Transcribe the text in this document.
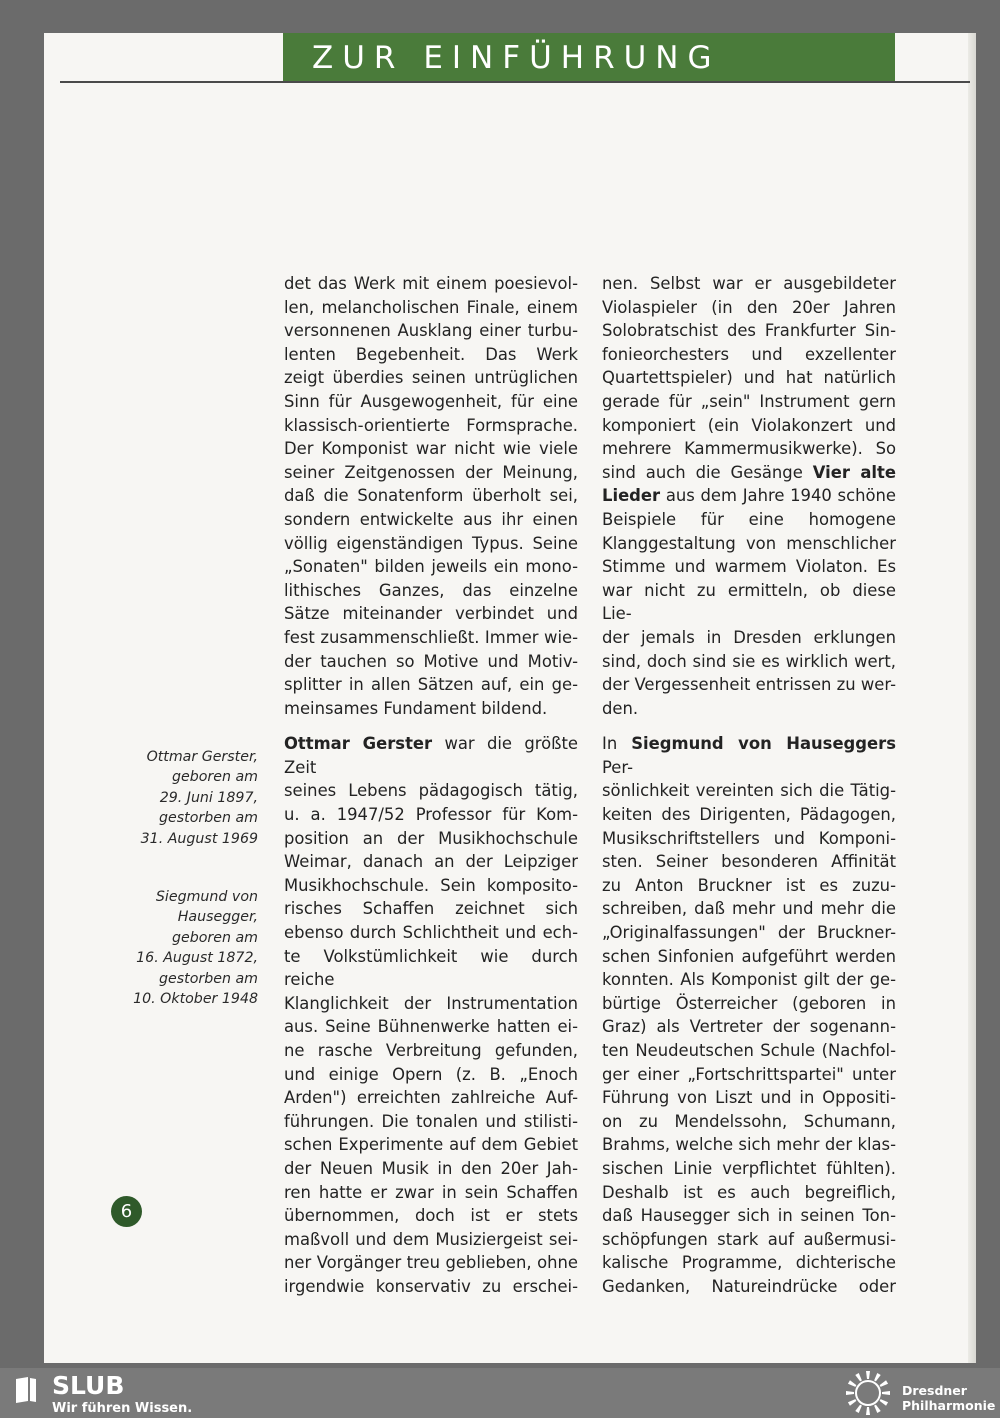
ZUR EINFÜHRUNG

det das Werk mit einem poesievol-

len, melancholischen Finale, einem

versonnenen Ausklang einer turbu-

lenten Begebenheit. Das Werk

zeigt überdies seinen untrüglichen

Sinn für Ausgewogenheit, für eine

klassisch-orientierte Formsprache.

Der Komponist war nicht wie viele

seiner Zeitgenossen der Meinung,

daß die Sonatenform überholt sei,

sondern entwickelte aus ihr einen

völlig eigenständigen Typus. Seine

„Sonaten" bilden jeweils ein mono-

lithisches Ganzes, das einzelne

Sätze miteinander verbindet und

fest zusammenschließt. Immer wie-

der tauchen so Motive und Motiv-

splitter in allen Sätzen auf, ein ge-

meinsames Fundament bildend.

Ottmar Gerster war die größte Zeit

seines Lebens pädagogisch tätig,

u. a. 1947/52 Professor für Kom-

position an der Musikhochschule

Weimar, danach an der Leipziger

Musikhochschule. Sein komposito-

risches Schaffen zeichnet sich

ebenso durch Schlichtheit und ech-

te Volkstümlichkeit wie durch reiche

Klanglichkeit der Instrumentation

aus. Seine Bühnenwerke hatten ei-

ne rasche Verbreitung gefunden,

und einige Opern (z. B. „Enoch

Arden") erreichten zahlreiche Auf-

führungen. Die tonalen und stilisti-

schen Experimente auf dem Gebiet

der Neuen Musik in den 20er Jah-

ren hatte er zwar in sein Schaffen

übernommen, doch ist er stets

maßvoll und dem Musiziergeist sei-

ner Vorgänger treu geblieben, ohne

irgendwie konservativ zu erschei-

nen. Selbst war er ausgebildeter

Violaspieler (in den 20er Jahren

Solobratschist des Frankfurter Sin-

fonieorchesters und exzellenter

Quartettspieler) und hat natürlich

gerade für „sein" Instrument gern

komponiert (ein Violakonzert und

mehrere Kammermusikwerke). So

sind auch die Gesänge Vier alte

Lieder aus dem Jahre 1940 schöne

Beispiele für eine homogene

Klanggestaltung von menschlicher

Stimme und warmem Violaton. Es

war nicht zu ermitteln, ob diese Lie-

der jemals in Dresden erklungen

sind, doch sind sie es wirklich wert,

der Vergessenheit entrissen zu wer-

den.

In Siegmund von Hauseggers Per-

sönlichkeit vereinten sich die Tätig-

keiten des Dirigenten, Pädagogen,

Musikschriftstellers und Komponi-

sten. Seiner besonderen Affinität

zu Anton Bruckner ist es zuzu-

schreiben, daß mehr und mehr die

„Originalfassungen" der Bruckner-

schen Sinfonien aufgeführt werden

konnten. Als Komponist gilt der ge-

bürtige Österreicher (geboren in

Graz) als Vertreter der sogenann-

ten Neudeutschen Schule (Nachfol-

ger einer „Fortschrittspartei" unter

Führung von Liszt und in Oppositi-

on zu Mendelssohn, Schumann,

Brahms, welche sich mehr der klas-

sischen Linie verpflichtet fühlten).

Deshalb ist es auch begreiflich,

daß Hausegger sich in seinen Ton-

schöpfungen stark auf außermusi-

kalische Programme, dichterische

Gedanken, Natureindrücke oder

Ottmar Gerster,
geboren am
29. Juni 1897,
gestorben am
31. August 1969
Siegmund von
Hausegger,
geboren am
16. August 1872,
gestorben am
10. Oktober 1948
6
SLUB
Wir führen Wissen.
Dresdner
Philharmonie
